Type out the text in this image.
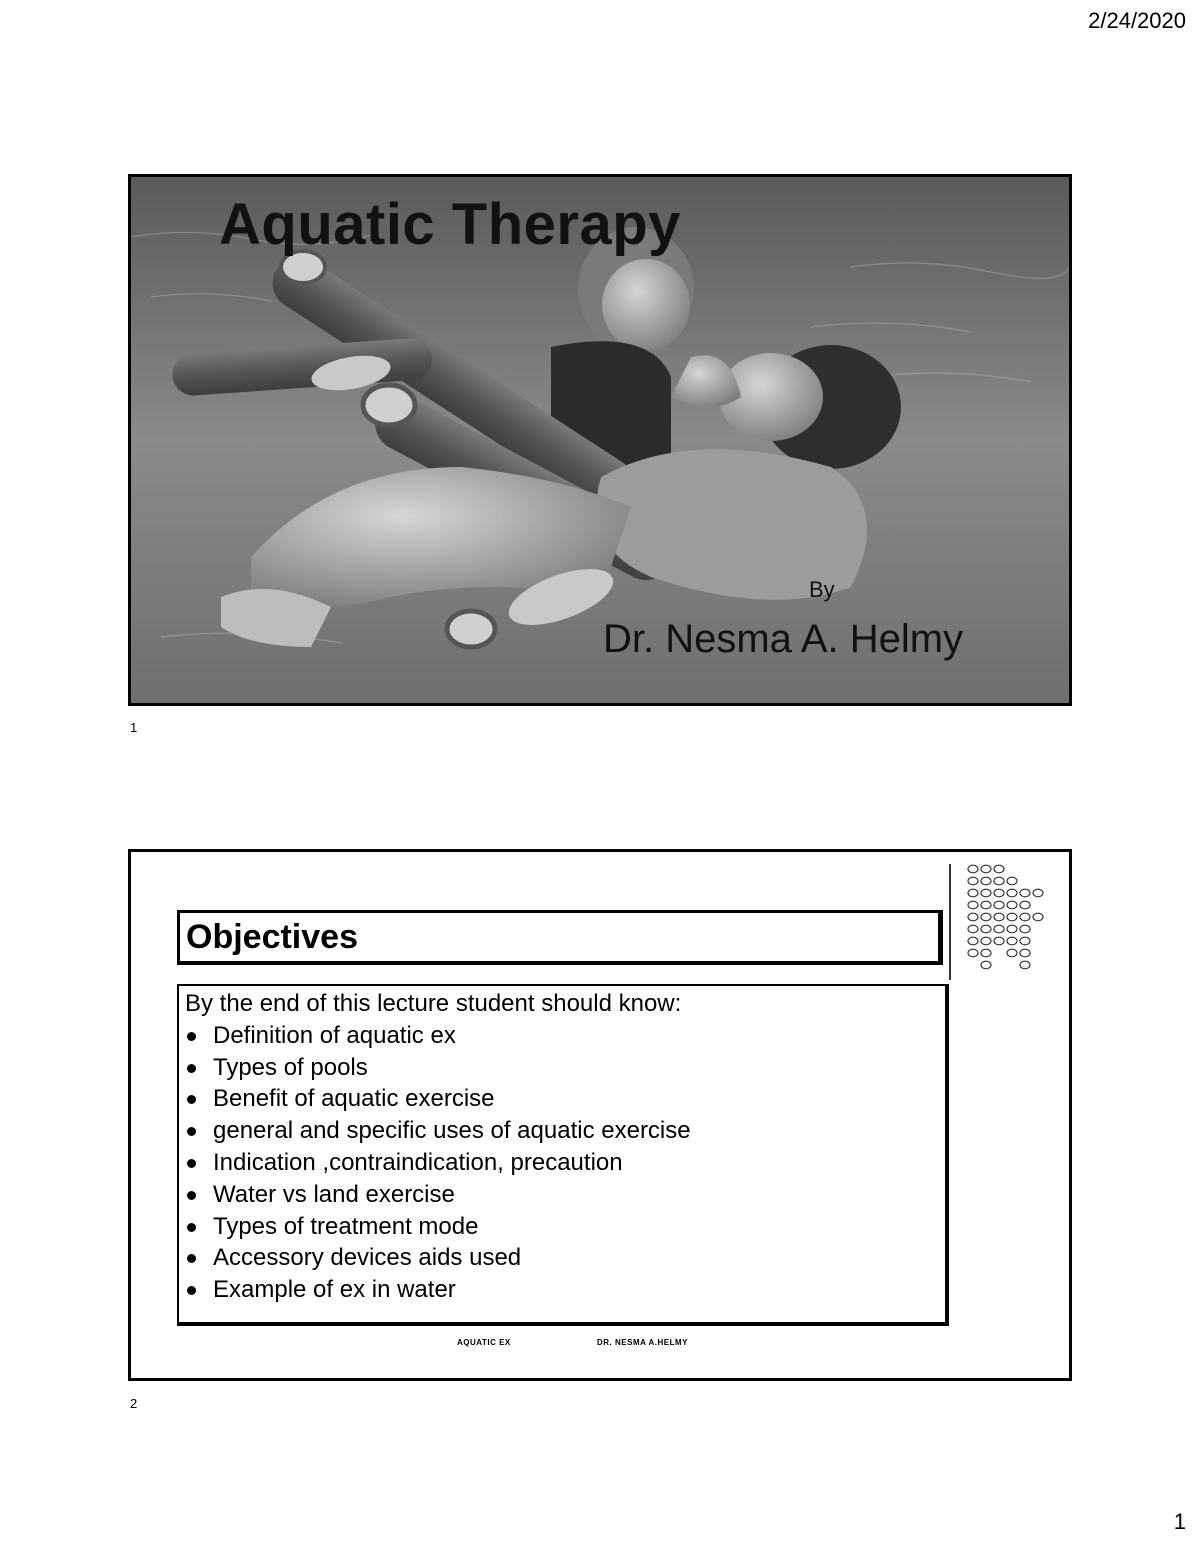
2/24/2020
Aquatic Therapy
By
Dr. Nesma A. Helmy
1
Objectives

By the end of this lecture student should know:

Definition of aquatic ex
Types of pools
Benefit of aquatic exercise
general and specific uses of aquatic exercise
Indication ,contraindication, precaution
Water vs land exercise
Types of treatment mode
Accessory devices aids used
Example of ex in water
AQUATIC EX	DR. NESMA A.HELMY
2
1
